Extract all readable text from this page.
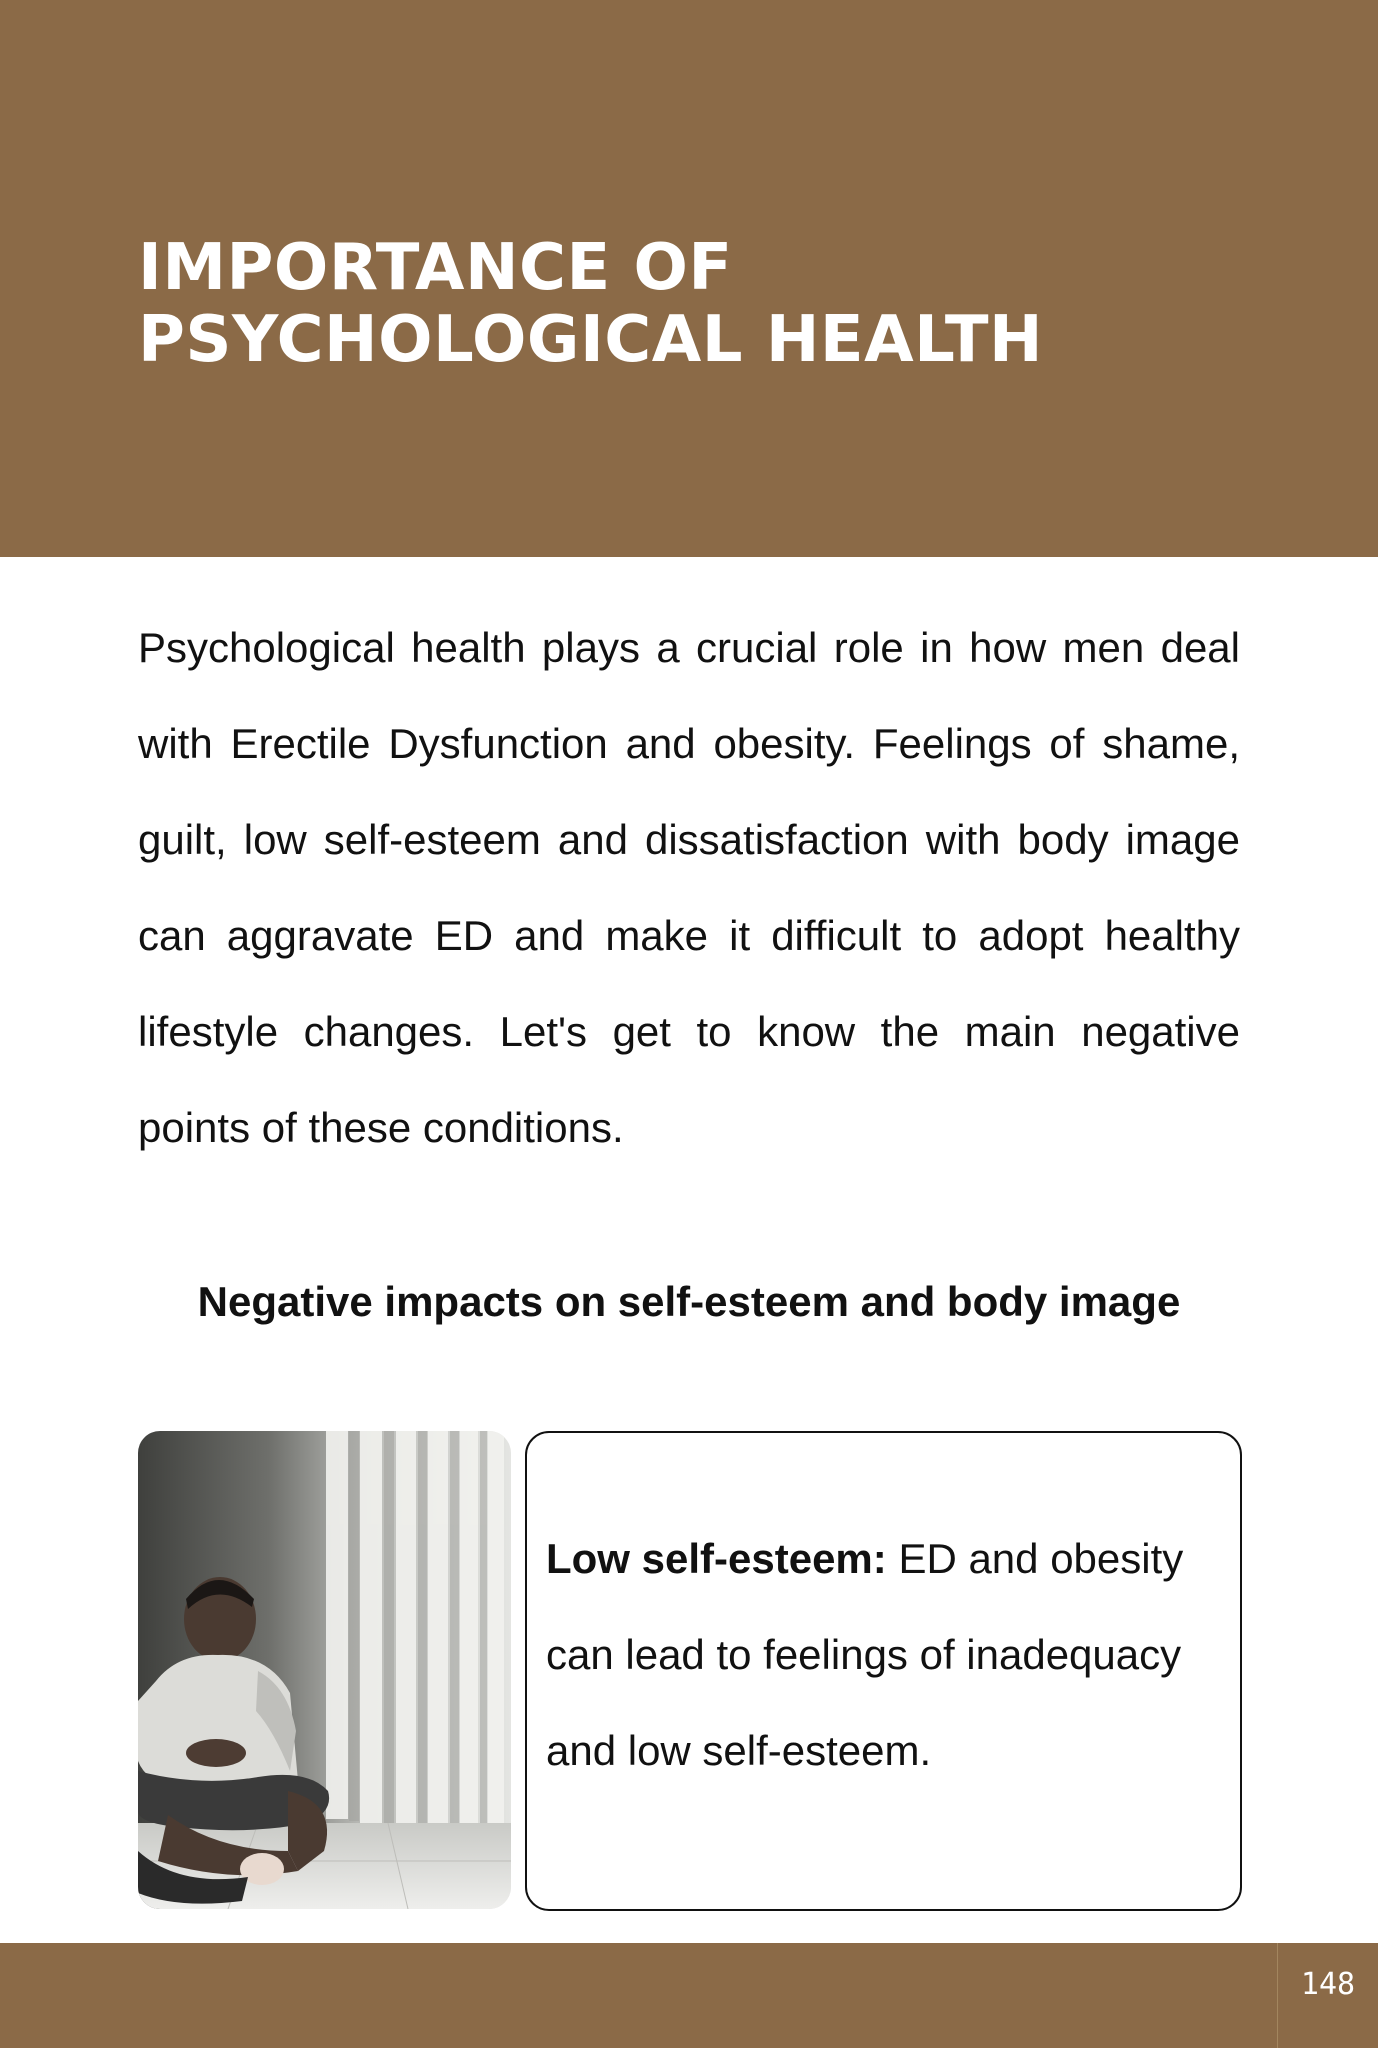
IMPORTANCE OF
PSYCHOLOGICAL HEALTH

Psychological health plays a crucial role in how men deal with Erectile Dysfunction and obesity. Feelings of shame, guilt, low self-esteem and dissatisfaction with body image can aggravate ED and make it difficult to adopt healthy lifestyle changes. Let's get to know the main negative points of these conditions.

Negative impacts on self-esteem and body image

Low self-esteem: ED and obesity can lead to feelings of inadequacy and low self-esteem.

148
